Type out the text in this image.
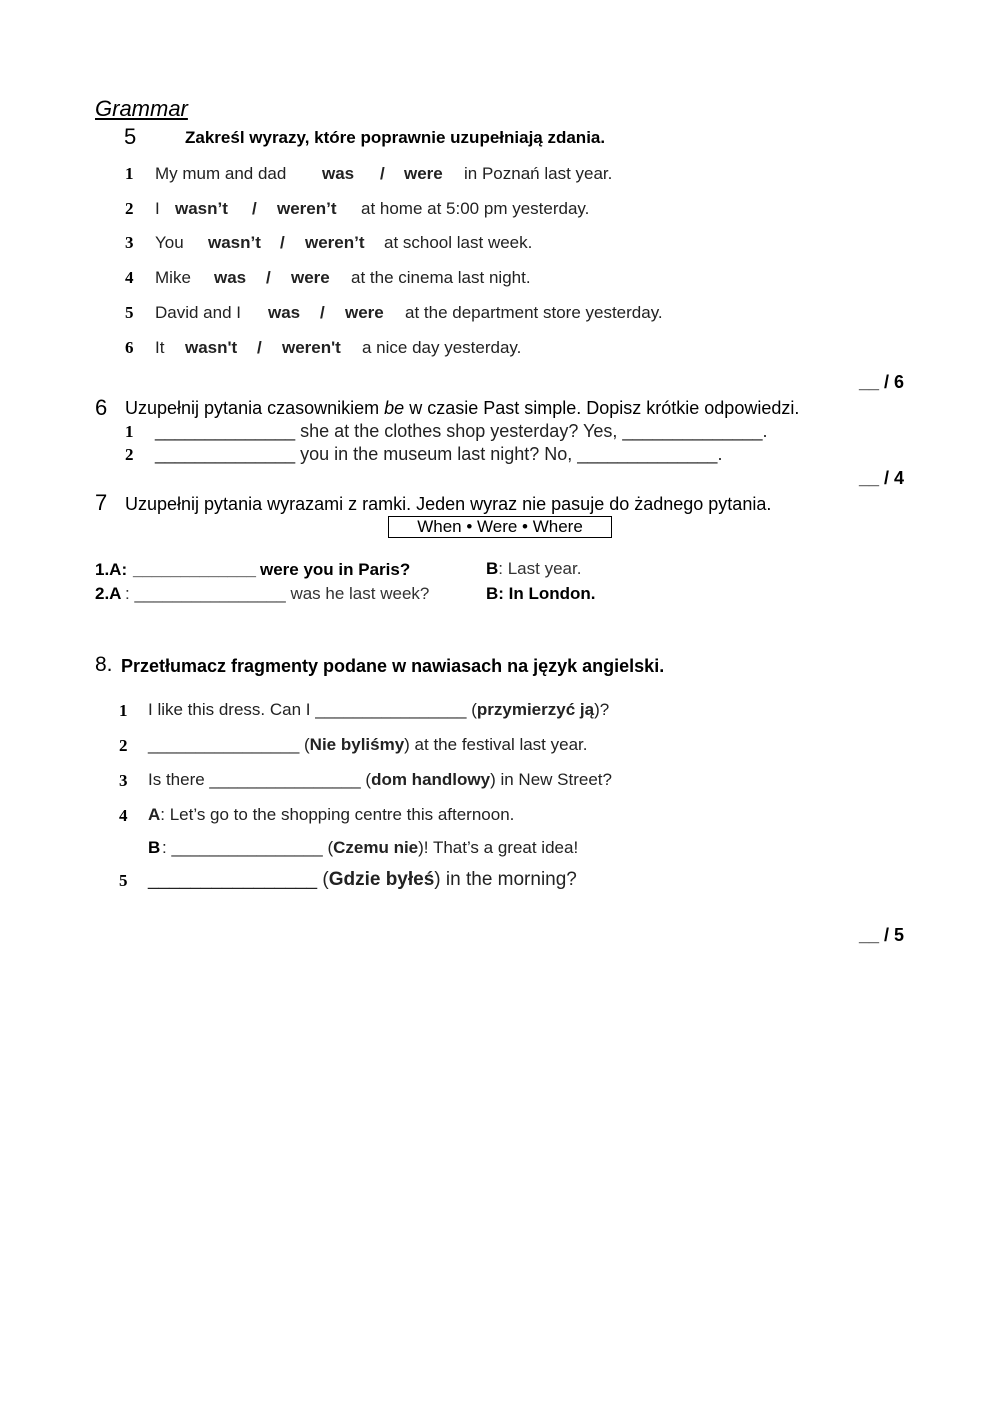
Grammar
5	Zakreśl wyrazy, które poprawnie uzupełniają zdania.
1 My mum and dad was / were in Poznań last year.
2 I wasn’t / weren’t at home at 5:00 pm yesterday.
3 You wasn’t / weren’t at school last week.
4 Mike was / were at the cinema last night.
5 David and I was / were at the department store yesterday.
6 It wasn't / weren't a nice day yesterday.
__ / 6
6 Uzupełnij pytania czasownikiem be w czasie Past simple. Dopisz krótkie odpowiedzi.
1 ______________ she at the clothes shop yesterday? Yes, ______________.
2 ______________ you in the museum last night? No, ______________.
__ / 4
7 Uzupełnij pytania wyrazami z ramki. Jeden wyraz nie pasuje do żadnego pytania.
When • Were • Where
1.A: _____________ were you in Paris?	B: Last year.
2.A : ________________ was he last week?	B: In London.
8. Przetłumacz fragmenty podane w nawiasach na język angielski.
1 I like this dress. Can I ________________ (przymierzyć ją)?
2 ________________ (Nie byliśmy) at the festival last year.
3 Is there ________________ (dom handlowy) in New Street?
4 A: Let’s go to the shopping centre this afternoon.
B : ________________ (Czemu nie)! That’s a great idea!
5 ________________ (Gdzie byłeś) in the morning?
__ / 5
